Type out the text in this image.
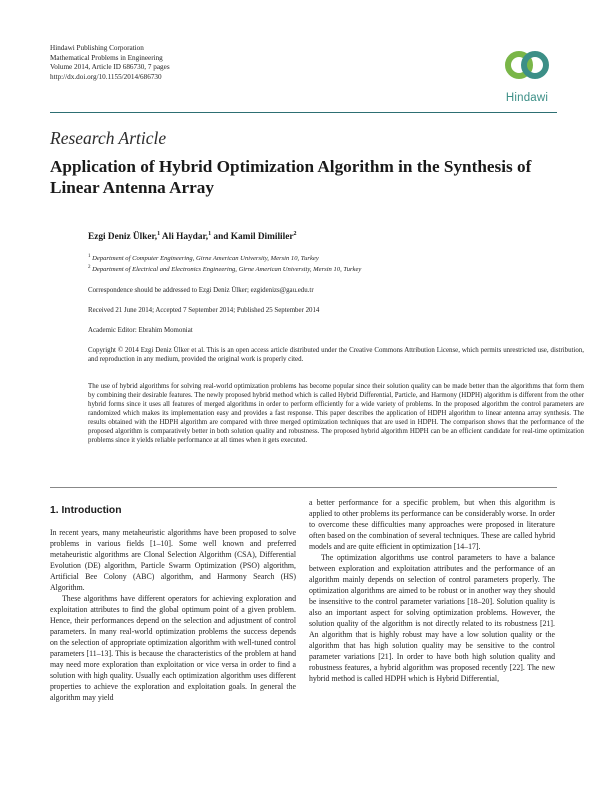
Hindawi Publishing Corporation
Mathematical Problems in Engineering
Volume 2014, Article ID 686730, 7 pages
http://dx.doi.org/10.1155/2014/686730
Hindawi
Research Article
Application of Hybrid Optimization Algorithm in the Synthesis of Linear Antenna Array
Ezgi Deniz Ülker,$^1$ Ali Haydar,$^1$ and Kamil Dimililer$^2$
$^1$ Department of Computer Engineering, Girne American University, Mersin 10, Turkey
$^2$ Department of Electrical and Electronics Engineering, Girne American University, Mersin 10, Turkey
Correspondence should be addressed to Ezgi Deniz Ülker; ezgidenizs@gau.edu.tr
Received 21 June 2014; Accepted 7 September 2014; Published 25 September 2014
Academic Editor: Ebrahim Momoniat
Copyright © 2014 Ezgi Deniz Ülker et al. This is an open access article distributed under the Creative Commons Attribution License, which permits unrestricted use, distribution, and reproduction in any medium, provided the original work is properly cited.
The use of hybrid algorithms for solving real-world optimization problems has become popular since their solution quality can be made better than the algorithms that form them by combining their desirable features. The newly proposed hybrid method which is called Hybrid Differential, Particle, and Harmony (HDPH) algorithm is different from the other hybrid forms since it uses all features of merged algorithms in order to perform efficiently for a wide variety of problems. In the proposed algorithm the control parameters are randomized which makes its implementation easy and provides a fast response. This paper describes the application of HDPH algorithm to linear antenna array synthesis. The results obtained with the HDPH algorithm are compared with three merged optimization techniques that are used in HDPH. The comparison shows that the performance of the proposed algorithm is comparatively better in both solution quality and robustness. The proposed hybrid algorithm HDPH can be an efficient candidate for real-time optimization problems since it yields reliable performance at all times when it gets executed.
1. Introduction

In recent years, many metaheuristic algorithms have been proposed to solve problems in various fields [1–10]. Some well known and preferred metaheuristic algorithms are Clonal Selection Algorithm (CSA), Differential Evolution (DE) algorithm, Particle Swarm Optimization (PSO) algorithm, Artificial Bee Colony (ABC) algorithm, and Harmony Search (HS) Algorithm.

These algorithms have different operators for achieving exploration and exploitation attributes to find the global optimum point of a given problem. Hence, their performances depend on the selection and adjustment of control parameters. In many real-world optimization problems the success depends on the selection of appropriate optimization algorithm with well-tuned control parameters [11–13]. This is because the characteristics of the problem at hand may need more exploration than exploitation or vice versa in order to find a solution with high quality. Usually each optimization algorithm uses different properties to achieve the exploration and exploitation goals. In general the algorithm may yield

a better performance for a specific problem, but when this algorithm is applied to other problems its performance can be considerably worse. In order to overcome these difficulties many approaches were proposed in literature often based on the combination of several techniques. These are called hybrid models and are quite efficient in optimization [14–17].

The optimization algorithms use control parameters to have a balance between exploration and exploitation attributes and the performance of an algorithm mainly depends on selection of control parameters properly. The optimization algorithms are aimed to be robust or in another way they should be insensitive to the control parameter variations [18–20]. Solution quality is also an important aspect for solving optimization problems. However, the solution quality of the algorithm is not directly related to its robustness [21]. An algorithm that is highly robust may have a low solution quality or the algorithm that has high solution quality may be sensitive to the control parameter variations [21]. In order to have both high solution quality and robustness features, a hybrid algorithm was proposed recently [22]. The new hybrid method is called HDPH which is Hybrid Differential,
